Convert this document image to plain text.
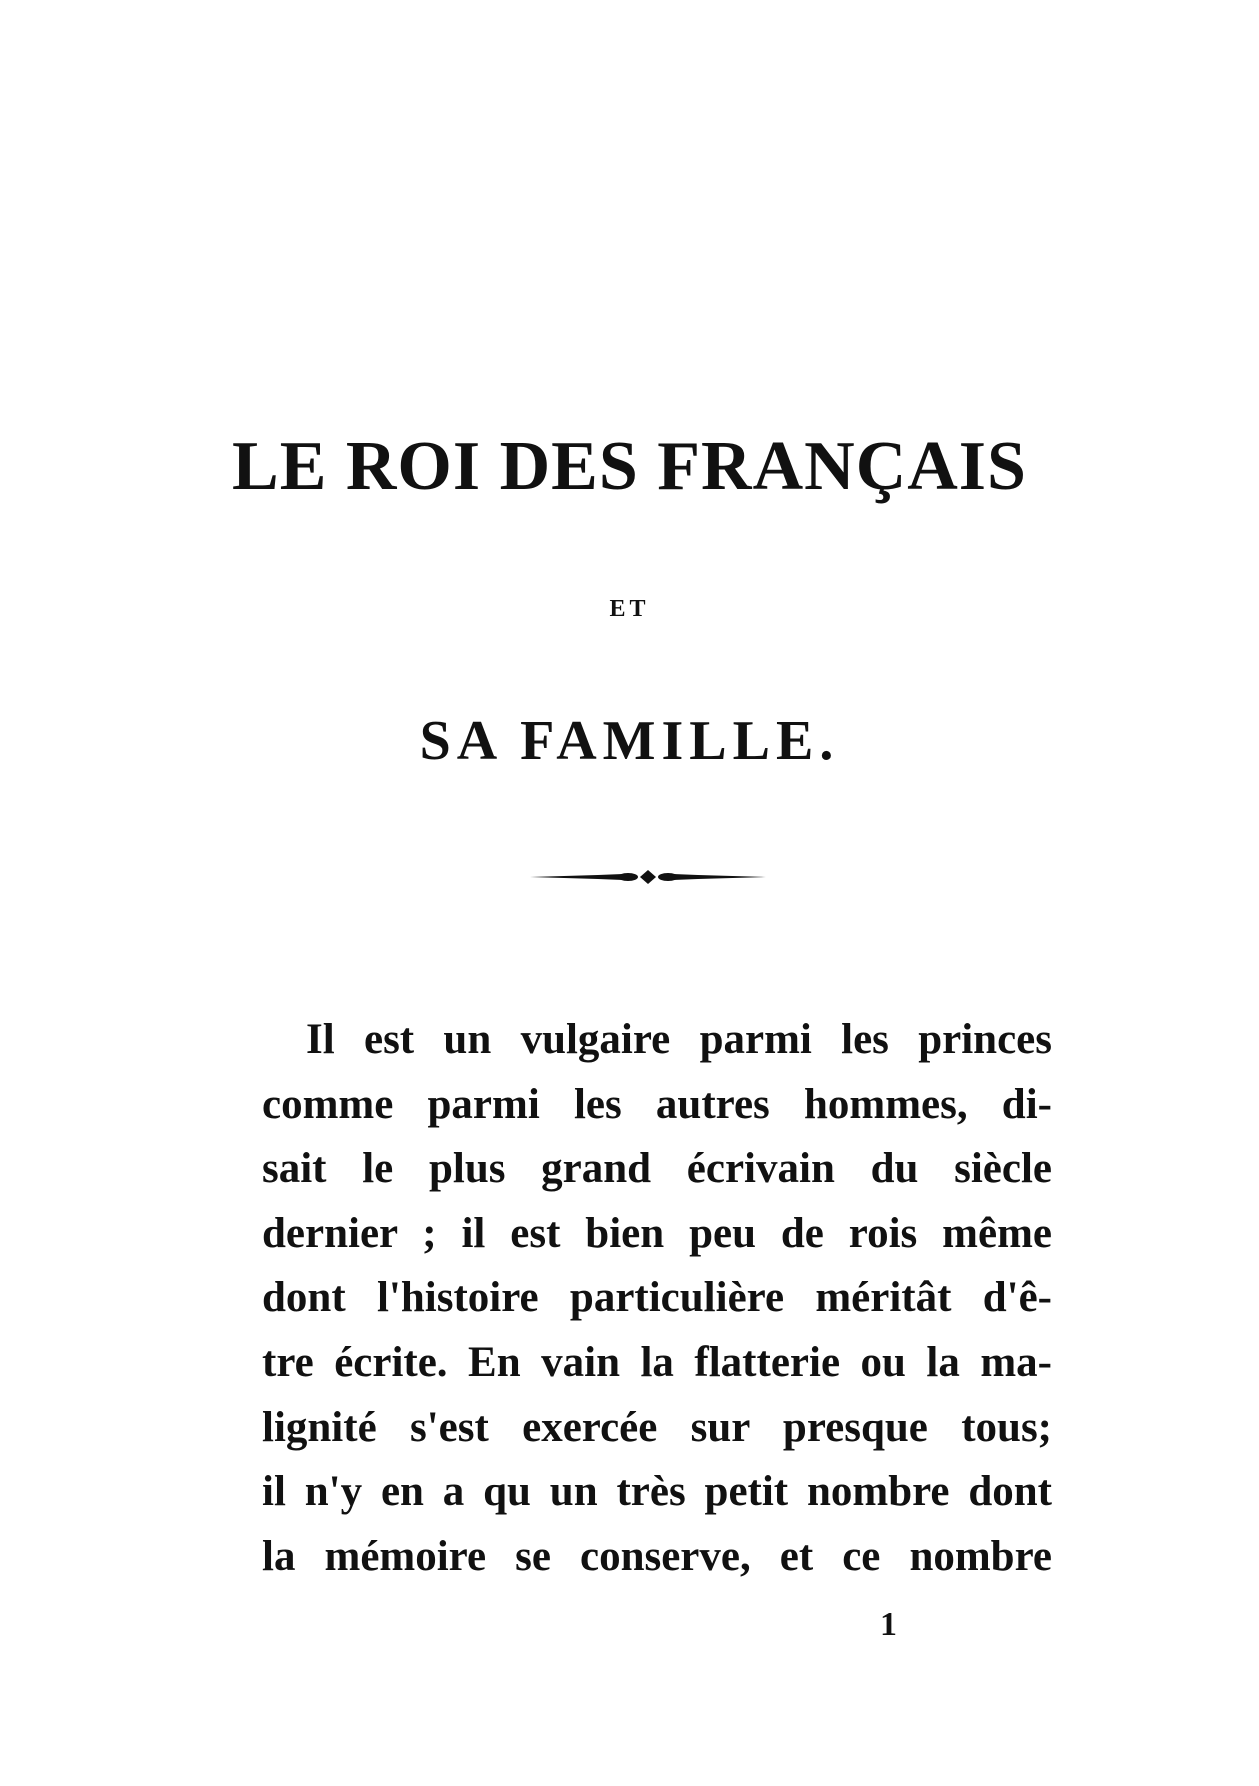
LE ROI DES FRANÇAIS
ET
SA FAMILLE.
Il est un vulgaire parmi les princes
comme parmi les autres hommes, di-
sait le plus grand écrivain du siècle
dernier ; il est bien peu de rois même
dont l'histoire particulière méritât d'ê-
tre écrite. En vain la flatterie ou la ma-
lignité s'est exercée sur presque tous;
il n'y en a qu un très petit nombre dont
la mémoire se conserve, et ce nombre
1
